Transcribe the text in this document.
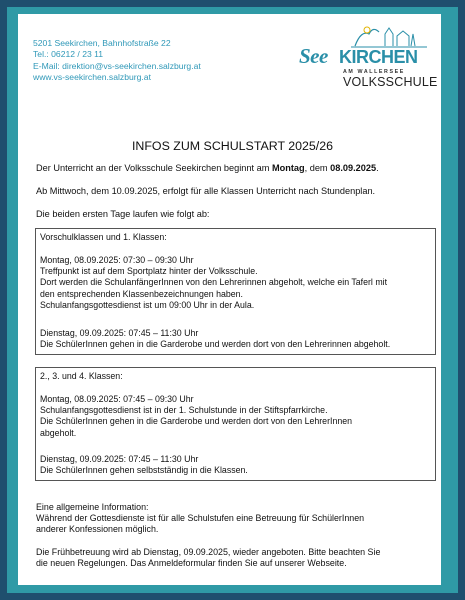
5201 Seekirchen, Bahnhofstraße 22
Tel.: 06212 / 23 11
E-Mail: direktion@vs-seekirchen.salzburg.at
www.vs-seekirchen.salzburg.at
See KIRCHEN
AM WALLERSEE
VOLKSSCHULE
INFOS ZUM SCHULSTART 2025/26
Der Unterricht an der Volksschule Seekirchen beginnt am Montag, dem 08.09.2025.
Ab Mittwoch, dem 10.09.2025, erfolgt für alle Klassen Unterricht nach Stundenplan.
Die beiden ersten Tage laufen wie folgt ab:
Vorschulklassen und 1. Klassen:
Montag, 08.09.2025: 07:30 – 09:30 Uhr
Treffpunkt ist auf dem Sportplatz hinter der Volksschule.
Dort werden die SchulanfängerInnen von den Lehrerinnen abgeholt, welche ein Taferl mit
den entsprechenden Klassenbezeichnungen haben.
Schulanfangsgottesdienst ist um 09:00 Uhr in der Aula.
Dienstag, 09.09.2025: 07:45 – 11:30 Uhr
Die SchülerInnen gehen in die Garderobe und werden dort von den Lehrerinnen abgeholt.
2., 3. und 4. Klassen:
Montag, 08.09.2025: 07:45 – 09:30 Uhr
Schulanfangsgottesdienst ist in der 1. Schulstunde in der Stiftspfarrkirche.
Die SchülerInnen gehen in die Garderobe und werden dort von den LehrerInnen
abgeholt.
Dienstag, 09.09.2025: 07:45 – 11:30 Uhr
Die SchülerInnen gehen selbstständig in die Klassen.
Eine allgemeine Information:
Während der Gottesdienste ist für alle Schulstufen eine Betreuung für SchülerInnen
anderer Konfessionen möglich.
Die Frühbetreuung wird ab Dienstag, 09.09.2025, wieder angeboten. Bitte beachten Sie
die neuen Regelungen. Das Anmeldeformular finden Sie auf unserer Webseite.
